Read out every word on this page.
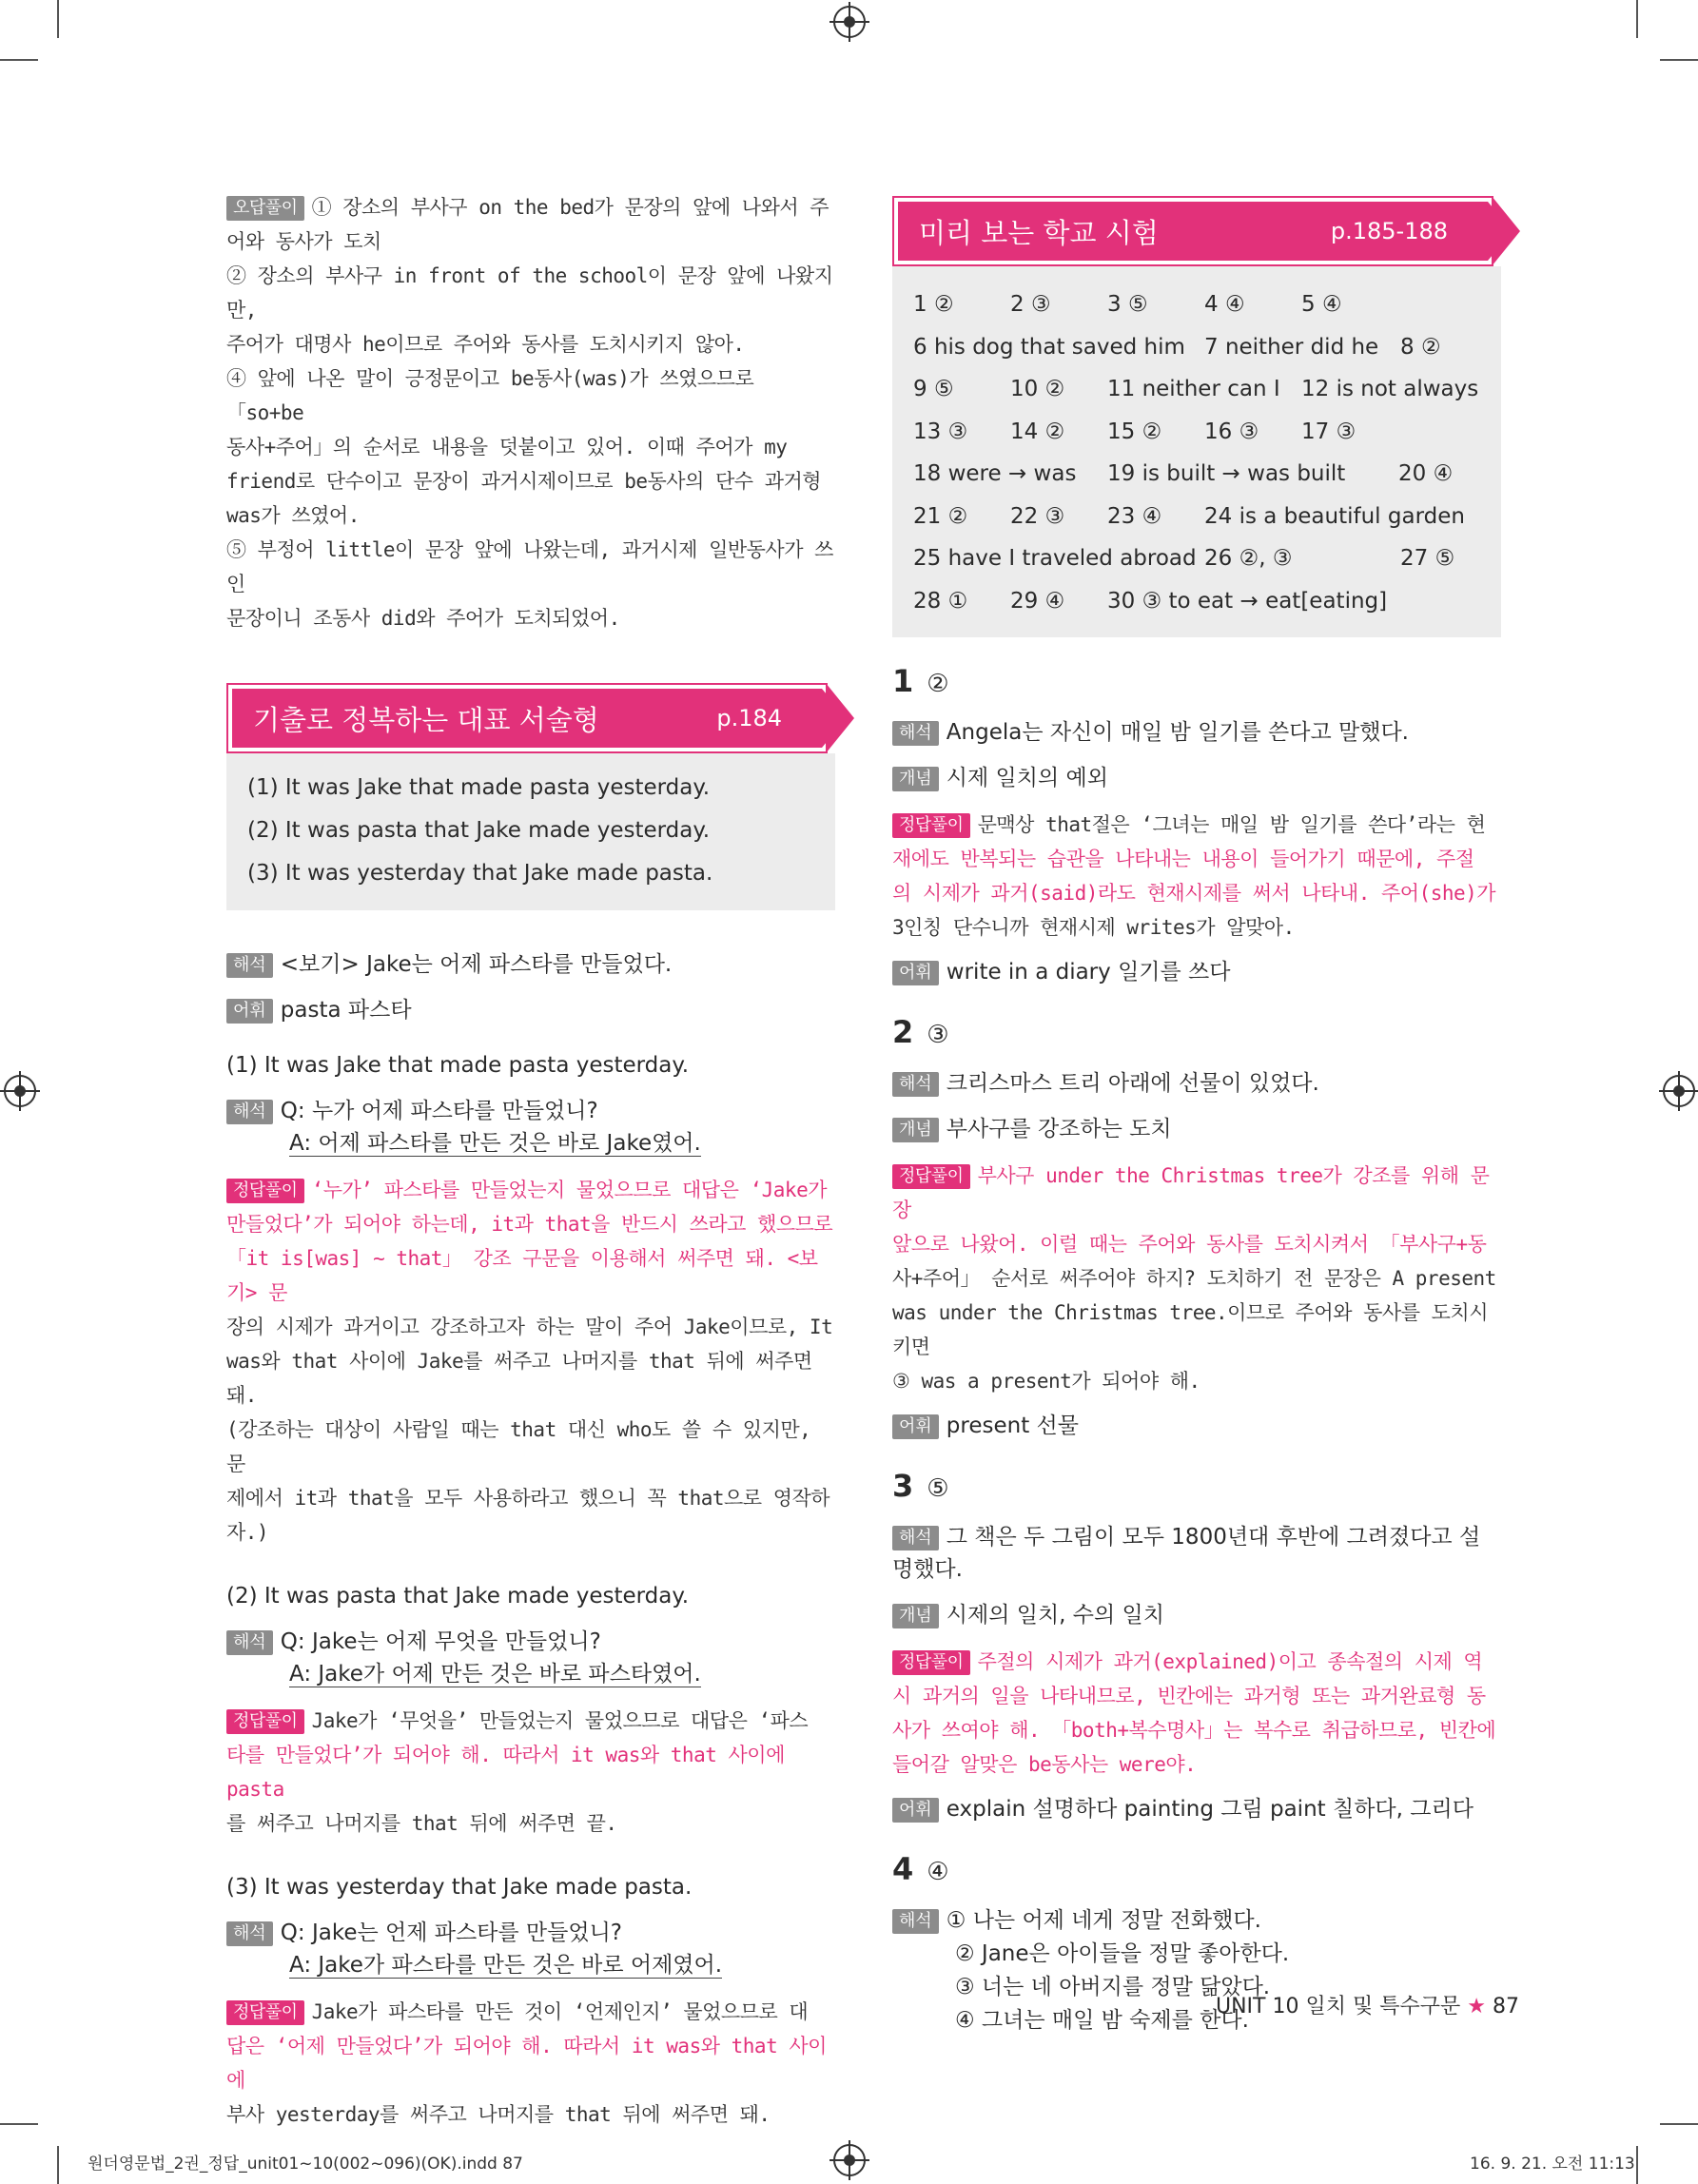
오답풀이 ① 장소의 부사구 on the bed가 문장의 앞에 나와서 주
어와 동사가 도치
② 장소의 부사구 in front of the school이 문장 앞에 나왔지만,
주어가 대명사 he이므로 주어와 동사를 도치시키지 않아.
④ 앞에 나온 말이 긍정문이고 be동사(was)가 쓰였으므로 「so+be
동사+주어」의 순서로 내용을 덧붙이고 있어. 이때 주어가 my
friend로 단수이고 문장이 과거시제이므로 be동사의 단수 과거형
was가 쓰였어.
⑤ 부정어 little이 문장 앞에 나왔는데, 과거시제 일반동사가 쓰인
문장이니 조동사 did와 주어가 도치되었어.
기출로 정복하는 대표 서술형	p.184
(1) It was Jake that made pasta yesterday.
(2) It was pasta that Jake made yesterday.
(3) It was yesterday that Jake made pasta.
해석 <보기> Jake는 어제 파스타를 만들었다.
어휘 pasta 파스타
(1) It was Jake that made pasta yesterday.
해석 Q: 누가 어제 파스타를 만들었니?
A: 어제 파스타를 만든 것은 바로 Jake였어.
정답풀이 ‘누가’ 파스타를 만들었는지 물었으므로 대답은 ‘Jake가
만들었다’가 되어야 하는데, it과 that을 반드시 쓰라고 했으므로
「it is[was] ~ that」 강조 구문을 이용해서 써주면 돼. <보기> 문
장의 시제가 과거이고 강조하고자 하는 말이 주어 Jake이므로, It
was와 that 사이에 Jake를 써주고 나머지를 that 뒤에 써주면 돼.
(강조하는 대상이 사람일 때는 that 대신 who도 쓸 수 있지만, 문
제에서 it과 that을 모두 사용하라고 했으니 꼭 that으로 영작하
자.)
(2) It was pasta that Jake made yesterday.
해석 Q: Jake는 어제 무엇을 만들었니?
A: Jake가 어제 만든 것은 바로 파스타였어.
정답풀이 Jake가 ‘무엇을’ 만들었는지 물었으므로 대답은 ‘파스
타를 만들었다’가 되어야 해. 따라서 it was와 that 사이에 pasta
를 써주고 나머지를 that 뒤에 써주면 끝.
(3) It was yesterday that Jake made pasta.
해석 Q: Jake는 언제 파스타를 만들었니?
A: Jake가 파스타를 만든 것은 바로 어제였어.
정답풀이 Jake가 파스타를 만든 것이 ‘언제인지’ 물었으므로 대
답은 ‘어제 만들었다’가 되어야 해. 따라서 it was와 that 사이에
부사 yesterday를 써주고 나머지를 that 뒤에 써주면 돼.
미리 보는 학교 시험	p.185-188
1 ②	2 ③	3 ⑤	4 ④	5 ④
6 his dog that saved him 7 neither did he 8 ②
9 ⑤	10 ②	11 neither can I 12 is not always
13 ③	14 ②	15 ②	16 ③	17 ③
18 were → was	19 is built → was built	20 ④
21 ②	22 ③	23 ④	24 is a beautiful garden
25 have I traveled abroad 26 ②, ③	27 ⑤
28 ①	29 ④	30 ③ to eat → eat[eating]
1 ②
해석 Angela는 자신이 매일 밤 일기를 쓴다고 말했다.
개념 시제 일치의 예외
정답풀이 문맥상 that절은 ‘그녀는 매일 밤 일기를 쓴다’라는 현
재에도 반복되는 습관을 나타내는 내용이 들어가기 때문에, 주절
의 시제가 과거(said)라도 현재시제를 써서 나타내. 주어(she)가
3인칭 단수니까 현재시제 writes가 알맞아.
어휘 write in a diary 일기를 쓰다
2 ③
해석 크리스마스 트리 아래에 선물이 있었다.
개념 부사구를 강조하는 도치
정답풀이 부사구 under the Christmas tree가 강조를 위해 문장
앞으로 나왔어. 이럴 때는 주어와 동사를 도치시켜서 「부사구+동
사+주어」 순서로 써주어야 하지? 도치하기 전 문장은 A present
was under the Christmas tree.이므로 주어와 동사를 도치시키면
③ was a present가 되어야 해.
어휘 present 선물
3 ⑤
해석 그 책은 두 그림이 모두 1800년대 후반에 그려졌다고 설명했다.
개념 시제의 일치, 수의 일치
정답풀이 주절의 시제가 과거(explained)이고 종속절의 시제 역
시 과거의 일을 나타내므로, 빈칸에는 과거형 또는 과거완료형 동
사가 쓰여야 해. 「both+복수명사」는 복수로 취급하므로, 빈칸에
들어갈 알맞은 be동사는 were야.
어휘 explain 설명하다 painting 그림 paint 칠하다, 그리다
4 ④
해석 ① 나는 어제 네게 정말 전화했다.
② Jane은 아이들을 정말 좋아한다.
③ 너는 네 아버지를 정말 닮았다.
④ 그녀는 매일 밤 숙제를 한다.
UNIT 10 일치 및 특수구문 ★ 87
원더영문법_2권_정답_unit01~10(002~096)(OK).indd 87	16. 9. 21. 오전 11:13
